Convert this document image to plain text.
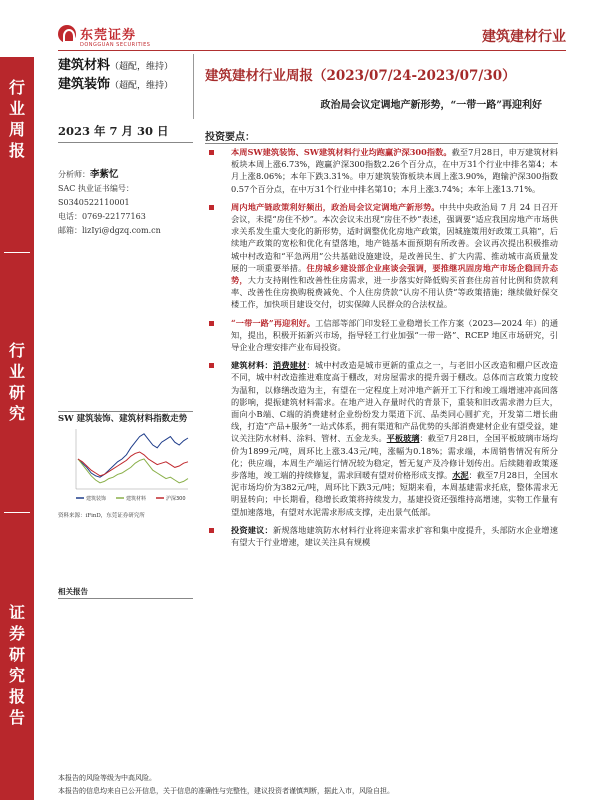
东莞证券
DONGGUAN SECURITIES	建筑建材行业
行
业
周
报
行
业
研
究
证
券
研
究
报
告
建筑材料（超配，维持）
建筑装饰（超配，维持）
建筑建材行业周报（2023/07/24-2023/07/30）
政治局会议定调地产新形势，“一带一路”再迎利好
2023 年 7 月 30 日	投资要点：
分析师：李紫忆
SAC 执业证书编号：
S0340522110001
电话：0769-22177163
邮箱：lizIyi@dgzq.com.cn
SW 建筑装饰、建筑材料指数走势
建筑装饰	建筑材料	沪深300
资料来源：iFinD，东莞证券研究所
相关报告
本周SW建筑装饰、SW建筑材料行业均跑赢沪深300指数。截至7月28日，申万建筑材料板块本周上涨6.73%，跑赢沪深300指数2.26个百分点，在中万31个行业中排名第4；本月上涨8.06%；本年下跌3.31%。申万建筑装饰板块本周上涨3.90%，跑输沪深300指数0.57个百分点，在中万31个行业中排名第10；本月上涨3.74%；本年上涨13.71%。
周内地产链政策利好频出，政治局会议定调地产新形势。中共中央政治局 7 月 24 日召开会议，未提“房住不炒”。本次会议未出现“房住不炒”表述，强调要“适应我国房地产市场供求关系发生重大变化的新形势，适时调整优化房地产政策，因城施策用好政策工具箱”，后续地产政策的宽松和优化有望落地，地产链基本面预期有所改善。会议再次提出积极推动城中村改造和“平急两用”公共基础设施建设，是改善民生、扩大内需、推动城市高质量发展的一项重要举措。住房城乡建设部企业座谈会强调，要推继巩固房地产市场企稳回升态势，大力支持刚性和改善性住房需求，进一步落实好降低购买首套住房首付比例和贷款利率、改善性住房换购税费减免、个人住房贷款“认房不用认贷”等政策措施；继续做好保交楼工作，加快项目建设交付，切实保障人民群众的合法权益。
“一带一路”再迎利好。工信部等部门印发轻工业稳增长工作方案（2023—2024 年）的通知，提出，积极开拓新兴市场，指导轻工行业加强“一带一路”、RCEP 地区市场研究，引导企业合理安排产业布局投资。
建筑材料：消费建材：城中村改造是城市更新的重点之一，与老旧小区改造和棚户区改造不同，城中村改造推进难度高于棚改，对房屋需求的提升弱于棚改。总体而言政策力度较为温和，以修缮改造为主，有望在一定程度上对冲地产新开工下行和竣工端增速冲高回落的影响，提振建筑材料需求。在地产进入存量时代的背景下，重装和旧改需求潜力巨大，面向小B端、C端的消费建材企业纷纷发力渠道下沉、品类同心圆扩充，开发第二增长曲线，打造“产品+服务”一站式体系，拥有渠道和产品优势的头部消费建材企业有望受益，建议关注防水材料、涂料、管材、五金龙头。平板玻璃：截至7月28日，全国平板玻璃市场均价为1899元/吨，周环比上涨3.43元/吨，涨幅为0.18%；需求端，本周销售情况有所分化；供应端，本周生产端运行情况较为稳定，暂无复产及冷修计划传出。后续随着政策逐步落地，竣工端的持续修复，需求回暖有望对价格形成支撑。水泥：截至7月28日，全国水泥市场均价为382元/吨，周环比下跌3元/吨；短期来看，本周基建需求托底，整体需求无明显转向；中长期看，稳增长政策将持续发力，基建投资还强维持高增速，实物工作量有望加速落地，有望对水泥需求形成支撑，走出景气低部。
投资建议：新规落地建筑防水材料行业将迎来需求扩容和集中度提升，头部防水企业增速有望大于行业增速，建议关注具有规模
本报告的风险等级为中高风险。
本报告的信息均来自已公开信息，关于信息的准确性与完整性，建议投资者谨慎判断，据此入市，风险自担。
